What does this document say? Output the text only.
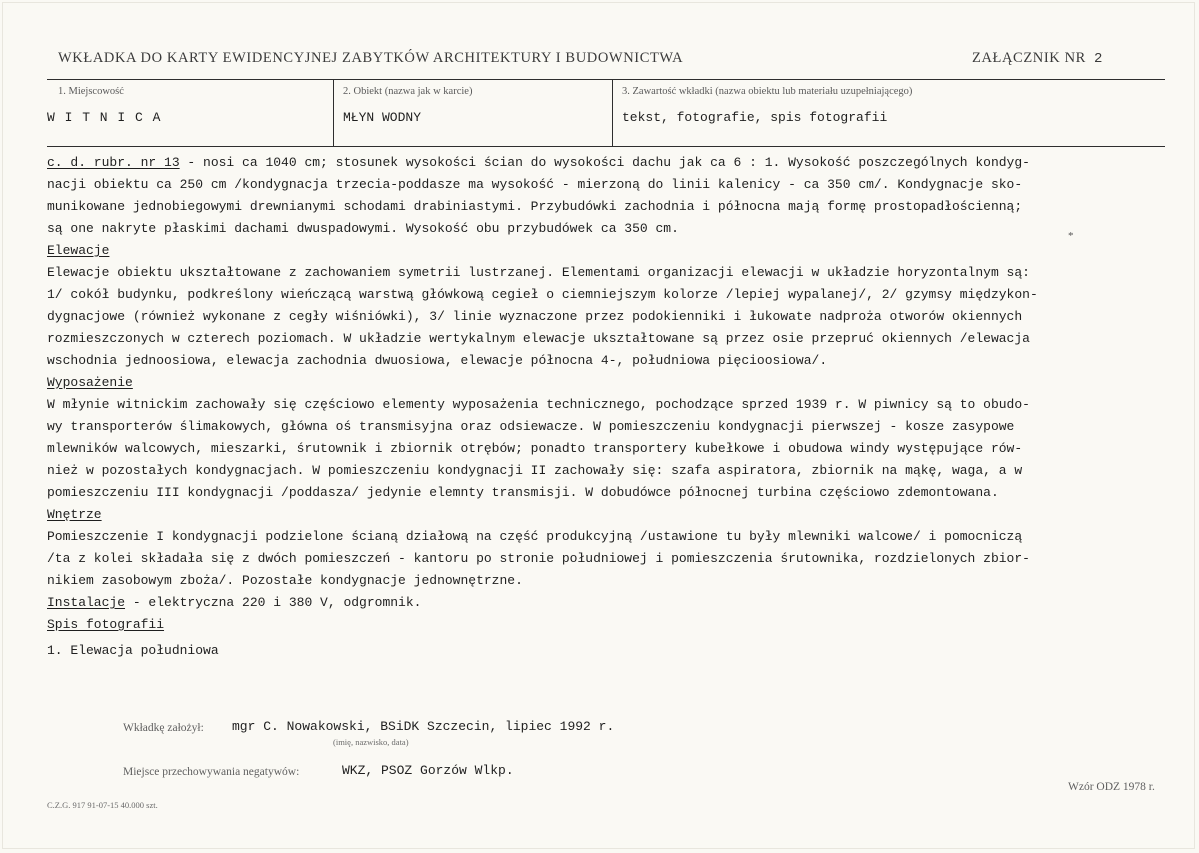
WKŁADKA DO KARTY EWIDENCYJNEJ ZABYTKÓW ARCHITEKTURY I BUDOWNICTWA	ZAŁĄCZNIK NR 2
1. Miejscowość	2. Obiekt (nazwa jak w karcie)	3. Zawartość wkładki (nazwa obiektu lub materiału uzupełniającego)
W I T N I C A	MŁYN WODNY	tekst, fotografie, spis fotografii
c. d. rubr. nr 13 - nosi ca 1040 cm; stosunek wysokości ścian do wysokości dachu jak ca 6 : 1. Wysokość poszczególnych kondyg-
nacji obiektu ca 250 cm /kondygnacja trzecia-poddasze ma wysokość - mierzoną do linii kalenicy - ca 350 cm/. Kondygnacje sko-
munikowane jednobiegowymi drewnianymi schodami drabiniastymi. Przybudówki zachodnia i północna mają formę prostopadłościenną;
są one nakryte płaskimi dachami dwuspadowymi. Wysokość obu przybudówek ca 350 cm.
Elewacje
Elewacje obiektu ukształtowane z zachowaniem symetrii lustrzanej. Elementami organizacji elewacji w układzie horyzontalnym są:
1/ cokół budynku, podkreślony wieńczącą warstwą główkową cegieł o ciemniejszym kolorze /lepiej wypalanej/, 2/ gzymsy międzykon-
dygnacjowe (również wykonane z cegły wiśniówki), 3/ linie wyznaczone przez podokienniki i łukowate nadproża otworów okiennych
rozmieszczonych w czterech poziomach. W układzie wertykalnym elewacje ukształtowane są przez osie przepruć okiennych /elewacja
wschodnia jednoosiowa, elewacja zachodnia dwuosiowa, elewacje północna 4-, południowa pięcioosiowa/.
Wyposażenie
W młynie witnickim zachowały się częściowo elementy wyposażenia technicznego, pochodzące sprzed 1939 r. W piwnicy są to obudo-
wy transporterów ślimakowych, główna oś transmisyjna oraz odsiewacze. W pomieszczeniu kondygnacji pierwszej - kosze zasypowe
mlewników walcowych, mieszarki, śrutownik i zbiornik otrębów; ponadto transportery kubełkowe i obudowa windy występujące rów-
nież w pozostałych kondygnacjach. W pomieszczeniu kondygnacji II zachowały się: szafa aspiratora, zbiornik na mąkę, waga, a w
pomieszczeniu III kondygnacji /poddasza/ jedynie elemnty transmisji. W dobudówce północnej turbina częściowo zdemontowana.
Wnętrze
Pomieszczenie I kondygnacji podzielone ścianą działową na część produkcyjną /ustawione tu były mlewniki walcowe/ i pomocniczą
/ta z kolei składała się z dwóch pomieszczeń - kantoru po stronie południowej i pomieszczenia śrutownika, rozdzielonych zbior-
nikiem zasobowym zboża/. Pozostałe kondygnacje jednownętrzne.
Instalacje - elektryczna 220 i 380 V, odgromnik.
Spis fotografii
1. Elewacja południowa
*
Wkładkę założył: mgr C. Nowakowski, BSiDK Szczecin, lipiec 1992 r.
(imię, nazwisko, data)
Miejsce przechowywania negatywów:	WKZ, PSOZ Gorzów Wlkp.
C.Z.G. 917 91-07-15 40.000 szt.
Wzór ODZ 1978 r.
